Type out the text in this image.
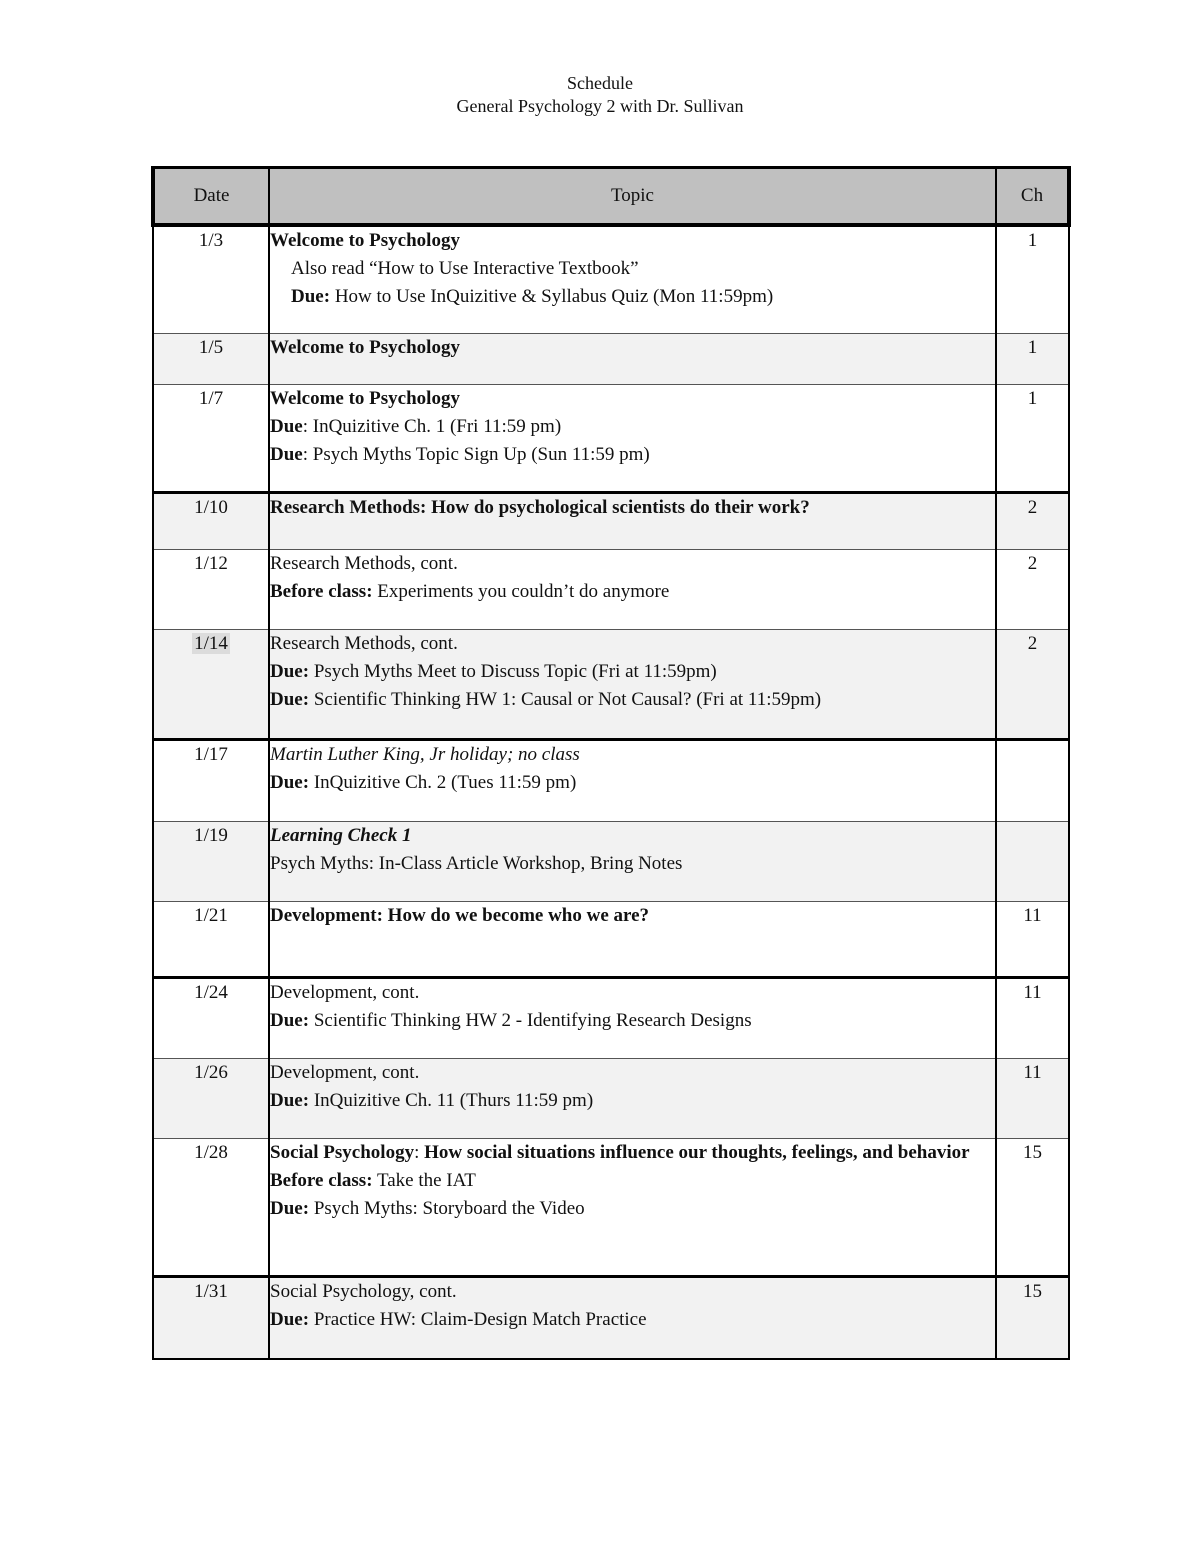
Schedule
General Psychology 2 with Dr. Sullivan
Date	Topic	Ch
1/3	Welcome to Psychology
Also read “How to Use Interactive Textbook”
Due: How to Use InQuizitive & Syllabus Quiz (Mon 11:59pm)	1
1/5	Welcome to Psychology	1
1/7	Welcome to Psychology
Due: InQuizitive Ch. 1 (Fri 11:59 pm)
Due: Psych Myths Topic Sign Up (Sun 11:59 pm)	1
1/10	Research Methods: How do psychological scientists do their work?	2
1/12	Research Methods, cont.
Before class: Experiments you couldn’t do anymore	2
1/14	Research Methods, cont.
Due: Psych Myths Meet to Discuss Topic (Fri at 11:59pm)
Due: Scientific Thinking HW 1: Causal or Not Causal? (Fri at 11:59pm)	2
1/17	Martin Luther King, Jr holiday; no class
Due: InQuizitive Ch. 2 (Tues 11:59 pm)	

1/19	Learning Check 1
Psych Myths: In-Class Article Workshop, Bring Notes	

1/21	Development: How do we become who we are?	11
1/24	Development, cont.
Due: Scientific Thinking HW 2 - Identifying Research Designs	11
1/26	Development, cont.
Due: InQuizitive Ch. 11 (Thurs 11:59 pm)	11
1/28	Social Psychology: How social situations influence our thoughts, feelings, and behavior
Before class: Take the IAT
Due: Psych Myths: Storyboard the Video	15
1/31	Social Psychology, cont.
Due: Practice HW: Claim-Design Match Practice	15
